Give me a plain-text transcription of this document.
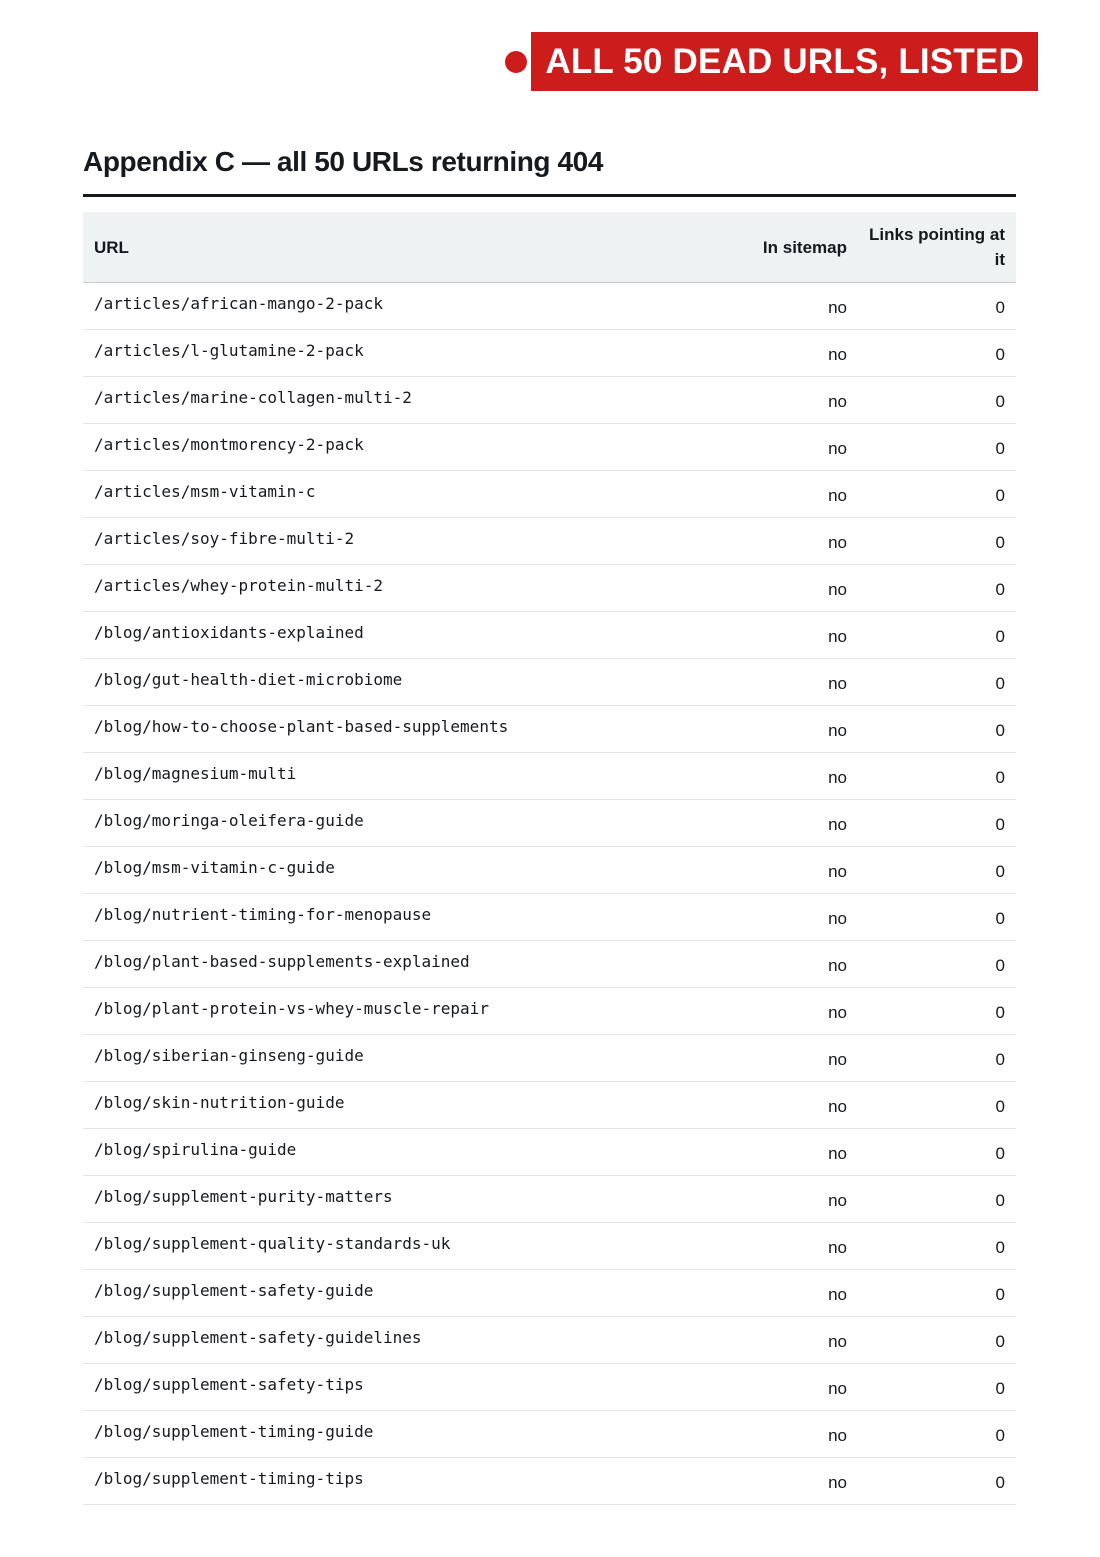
ALL 50 DEAD URLS, LISTED
Appendix C — all 50 URLs returning 404
URL	In sitemap	Links pointing at it
/articles/african-mango-2-pack	no	0
/articles/l-glutamine-2-pack	no	0
/articles/marine-collagen-multi-2	no	0
/articles/montmorency-2-pack	no	0
/articles/msm-vitamin-c	no	0
/articles/soy-fibre-multi-2	no	0
/articles/whey-protein-multi-2	no	0
/blog/antioxidants-explained	no	0
/blog/gut-health-diet-microbiome	no	0
/blog/how-to-choose-plant-based-supplements	no	0
/blog/magnesium-multi	no	0
/blog/moringa-oleifera-guide	no	0
/blog/msm-vitamin-c-guide	no	0
/blog/nutrient-timing-for-menopause	no	0
/blog/plant-based-supplements-explained	no	0
/blog/plant-protein-vs-whey-muscle-repair	no	0
/blog/siberian-ginseng-guide	no	0
/blog/skin-nutrition-guide	no	0
/blog/spirulina-guide	no	0
/blog/supplement-purity-matters	no	0
/blog/supplement-quality-standards-uk	no	0
/blog/supplement-safety-guide	no	0
/blog/supplement-safety-guidelines	no	0
/blog/supplement-safety-tips	no	0
/blog/supplement-timing-guide	no	0
/blog/supplement-timing-tips	no	0
